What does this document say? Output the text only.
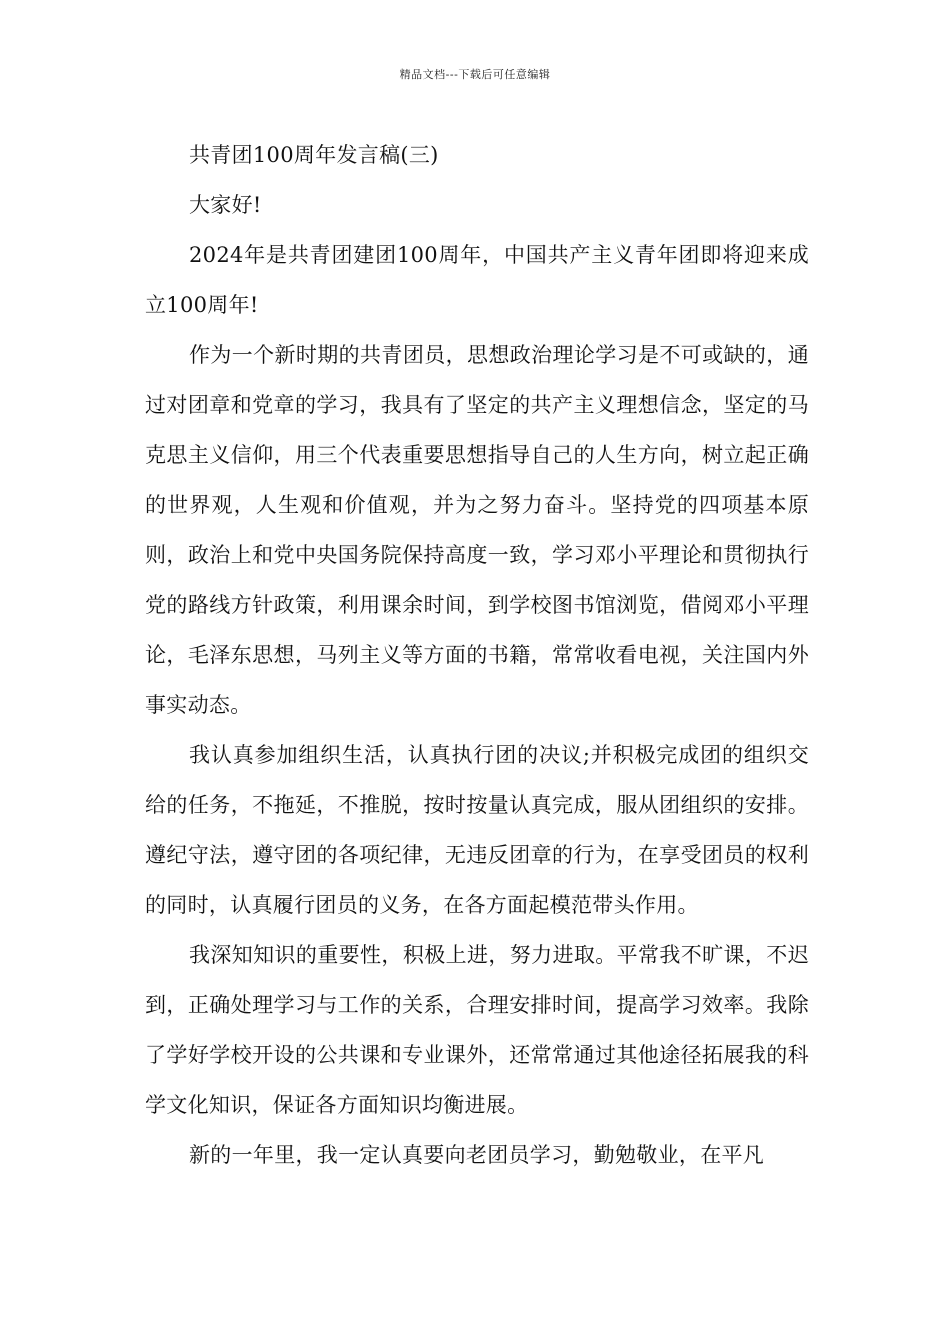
精品文档---下载后可任意编辑

共青团100周年发言稿(三)

大家好!

2024年是共青团建团100周年，中国共产主义青年团即将迎来成立100周年!

作为一个新时期的共青团员，思想政治理论学习是不可或缺的，通过对团章和党章的学习，我具有了坚定的共产主义理想信念，坚定的马克思主义信仰，用三个代表重要思想指导自己的人生方向，树立起正确的世界观，人生观和价值观，并为之努力奋斗。坚持党的四项基本原则，政治上和党中央国务院保持高度一致，学习邓小平理论和贯彻执行党的路线方针政策，利用课余时间，到学校图书馆浏览，借阅邓小平理论，毛泽东思想，马列主义等方面的书籍，常常收看电视，关注国内外事实动态。

我认真参加组织生活，认真执行团的决议;并积极完成团的组织交给的任务，不拖延，不推脱，按时按量认真完成，服从团组织的安排。遵纪守法，遵守团的各项纪律，无违反团章的行为，在享受团员的权利的同时，认真履行团员的义务，在各方面起模范带头作用。

我深知知识的重要性，积极上进，努力进取。平常我不旷课，不迟到，正确处理学习与工作的关系，合理安排时间，提高学习效率。我除了学好学校开设的公共课和专业课外，还常常通过其他途径拓展我的科学文化知识，保证各方面知识均衡进展。

新的一年里，我一定认真要向老团员学习，勤勉敬业，在平凡
